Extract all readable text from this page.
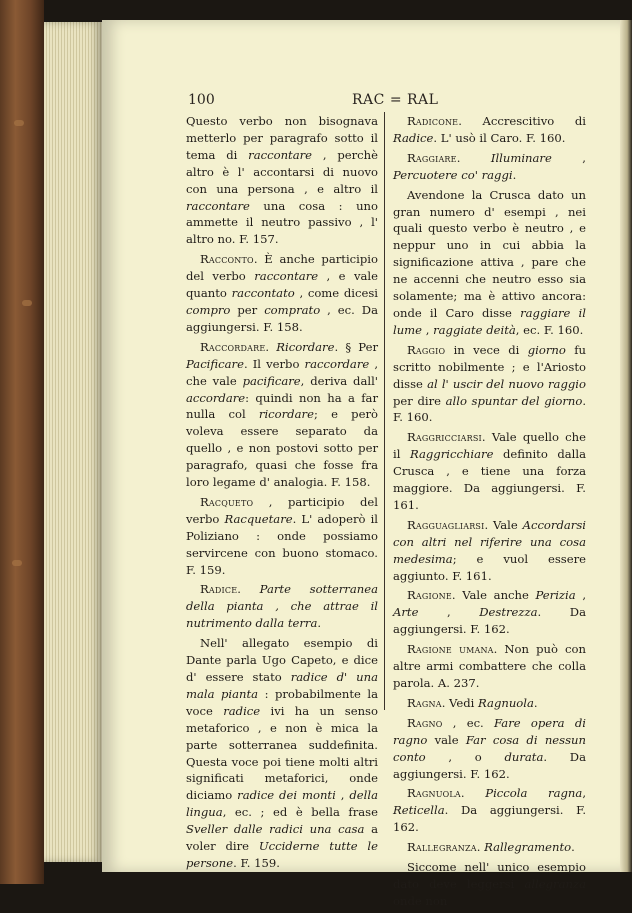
100	RAC = RAL

Questo verbo non bisognava metterlo per paragrafo sotto il tema di raccontare , perchè altro è l' accontarsi di nuovo con una persona , e altro il raccontare una cosa : uno ammette il neutro passivo , l' altro no. F. 157.

Racconto. È anche participio del verbo raccontare , e vale quanto raccontato , come dicesi compro per comprato , ec. Da aggiungersi. F. 158.

Raccordare. Ricordare. § Per Pacificare. Il verbo raccordare , che vale pacificare, deriva dall' accordare: quindi non ha a far nulla col ricordare; e però voleva essere separato da quello , e non postovi sotto per paragrafo, quasi che fosse fra loro legame d' analogia. F. 158.

Racqueto , participio del verbo Racquetare. L' adoperò il Poliziano : onde possiamo servircene con buono stomaco. F. 159.

Radice. Parte sotterranea della pianta , che attrae il nutrimento dalla terra.

Nell' allegato esempio di Dante parla Ugo Capeto, e dice d' essere stato radice d' una mala pianta : probabilmente la voce radice ivi ha un senso metaforico , e non è mica la parte sotterranea suddefinita. Questa voce poi tiene molti altri significati metaforici, onde diciamo radice dei monti , della lingua, ec. ; ed è bella frase Sveller dalle radici una casa a voler dire Ucciderne tutte le persone. F. 159.

Radicone. Accrescitivo di Radice. L' usò il Caro. F. 160.

Raggiare. Illuminare , Percuotere co' raggi.

Avendone la Crusca dato un gran numero d' esempi , nei quali questo verbo è neutro , e neppur uno in cui abbia la significazione attiva , pare che ne accenni che neutro esso sia solamente; ma è attivo ancora: onde il Caro disse raggiare il lume , raggiate deità, ec. F. 160.

Raggio in vece di giorno fu scritto nobilmente ; e l'Ariosto disse al l' uscir del nuovo raggio per dire allo spuntar del giorno. F. 160.

Raggricciarsi. Vale quello che il Raggricchiare definito dalla Crusca , e tiene una forza maggiore. Da aggiungersi. F. 161.

Ragguagliarsi. Vale Accordarsi con altri nel riferire una cosa medesima; e vuol essere aggiunto. F. 161.

Ragione. Vale anche Perizia , Arte , Destrezza. Da aggiungersi. F. 162.

Ragione umana. Non può con altre armi combattere che colla parola. A. 237.

Ragna. Vedi Ragnuola.

Ragno , ec. Fare opera di ragno vale Far cosa di nessun conto , o durata. Da aggiungersi. F. 162.

Ragnuola. Piccola ragna, Reticella. Da aggiungersi. F. 162.

Rallegranza. Rallegramento.

Siccome nell' unico esempio dato deve leggersi allegranza onde non
